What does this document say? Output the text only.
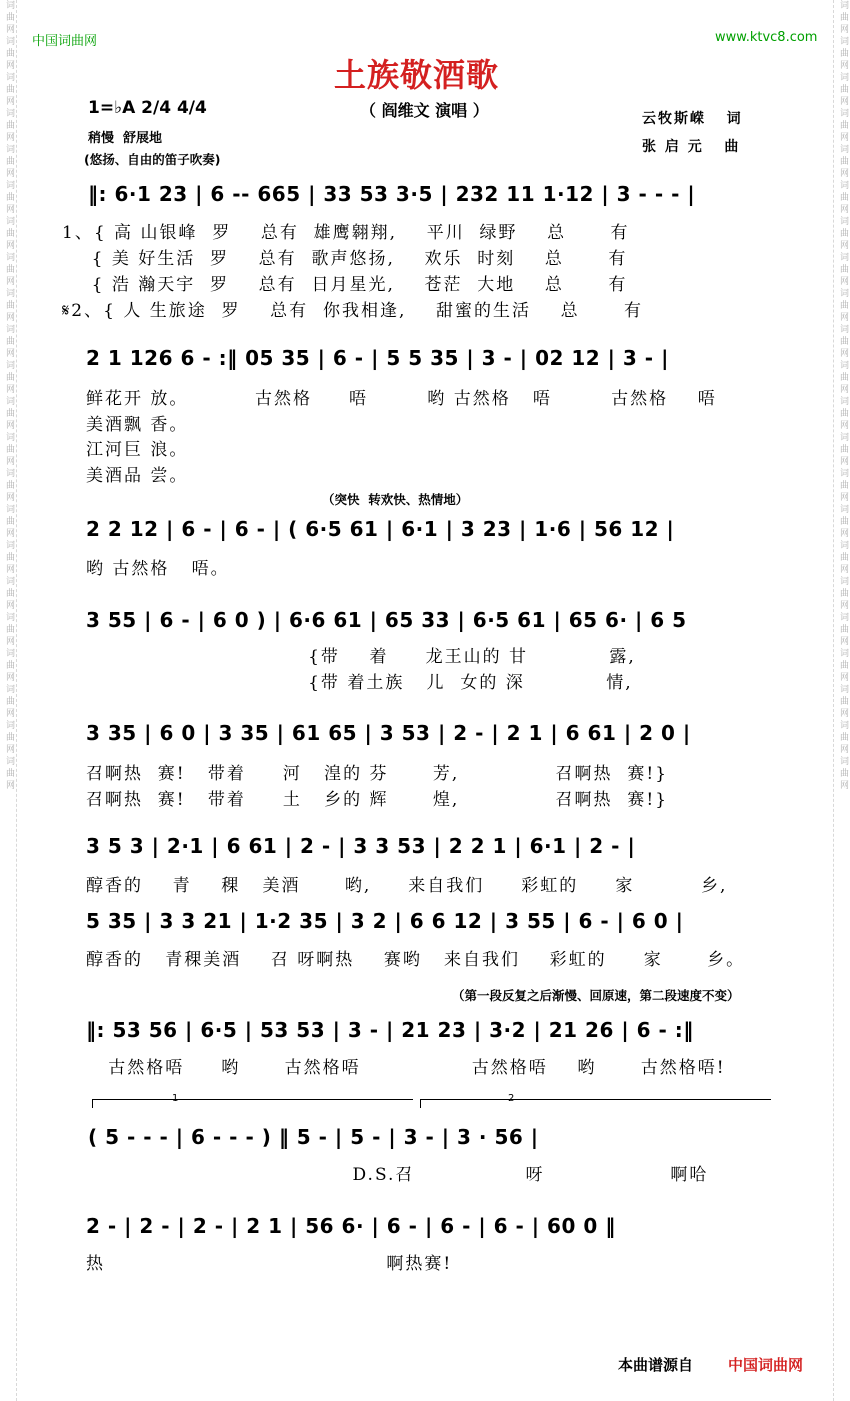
词曲网词曲网词曲网词曲网词曲网词曲网词曲网词曲网词曲网词曲网词曲网词曲网词曲网词曲网词曲网词曲网词曲网词曲网词曲网词曲网词曲网词曲网	词曲网词曲网词曲网词曲网词曲网词曲网词曲网词曲网词曲网词曲网词曲网词曲网词曲网词曲网词曲网词曲网词曲网词曲网词曲网词曲网词曲网词曲网
中国词曲网	www.ktvc8.com
土族敬酒歌
1=♭A 2/4 4/4	（ 阎维文 演唱 ）	云牧斯嵘   词
稍慢  舒展地
张 启 元   曲
(悠扬、自由的笛子吹奏)
‖: 6·1 23 | 6 -- 665 | 33 53 3·5 | 232 11 1·12 | 3 - - - |
1、{ 高 山银峰  罗    总有  雄鹰翱翔,    平川  绿野    总      有
{ 美 好生活  罗    总有  歌声悠扬,    欢乐  时刻    总      有
{ 浩 瀚天宇  罗    总有  日月星光,    苍茫  大地    总      有
𝄋2、{ 人 生旅途  罗    总有  你我相逢,    甜蜜的生活    总      有
2 1 126 6 - :‖ 05 35 | 6 - | 5 5 35 | 3 - | 02 12 | 3 - |
鲜花开 放。         古然格     唔        哟 古然格   唔        古然格    唔
美酒飘 香。
江河巨 浪。
美酒品 尝。
（突快  转欢快、热情地）
2 2 12 | 6 - | 6 - | ( 6·5 61 | 6·1 | 3 23 | 1·6 | 56 12 |
哟 古然格   唔。
3 55 | 6 - | 6 0 ) | 6·6 61 | 65 33 | 6·5 61 | 65 6· | 6 5
{带    着     龙王山的 甘           露,
{带 着土族   儿  女的 深           情,
3 35 | 6 0 | 3 35 | 61 65 | 3 53 | 2 - | 2 1 | 6 61 | 2 0 |
召啊热  赛!   带着     河   湟的 芬      芳,             召啊热  赛!}
召啊热  赛!   带着     土   乡的 辉      煌,             召啊热  赛!}
3 5 3 | 2·1 | 6 61 | 2 - | 3 3 53 | 2 2 1 | 6·1 | 2 - |
醇香的    青    稞   美酒      哟,     来自我们     彩虹的     家         乡,
5 35 | 3 3 21 | 1·2 35 | 3 2 | 6 6 12 | 3 55 | 6 - | 6 0 |
醇香的   青稞美酒    召 呀啊热    赛哟   来自我们    彩虹的     家      乡。
（第一段反复之后渐慢、回原速，第二段速度不变）
‖: 53 56 | 6·5 | 53 53 | 3 - | 21 23 | 3·2 | 21 26 | 6 - :‖
古然格唔     哟      古然格唔               古然格唔    哟      古然格唔!
1	2
( 5 - - - | 6 - - - ) ‖ 5 - | 5 - | 3 - | 3 · 56 |
D.S.召               呀                 啊哈
2 - | 2 - | 2 - | 2 1 | 56 6· | 6 - | 6 - | 6 - | 60 0 ‖
热                                      啊热赛!
本曲谱源自 中国词曲网
